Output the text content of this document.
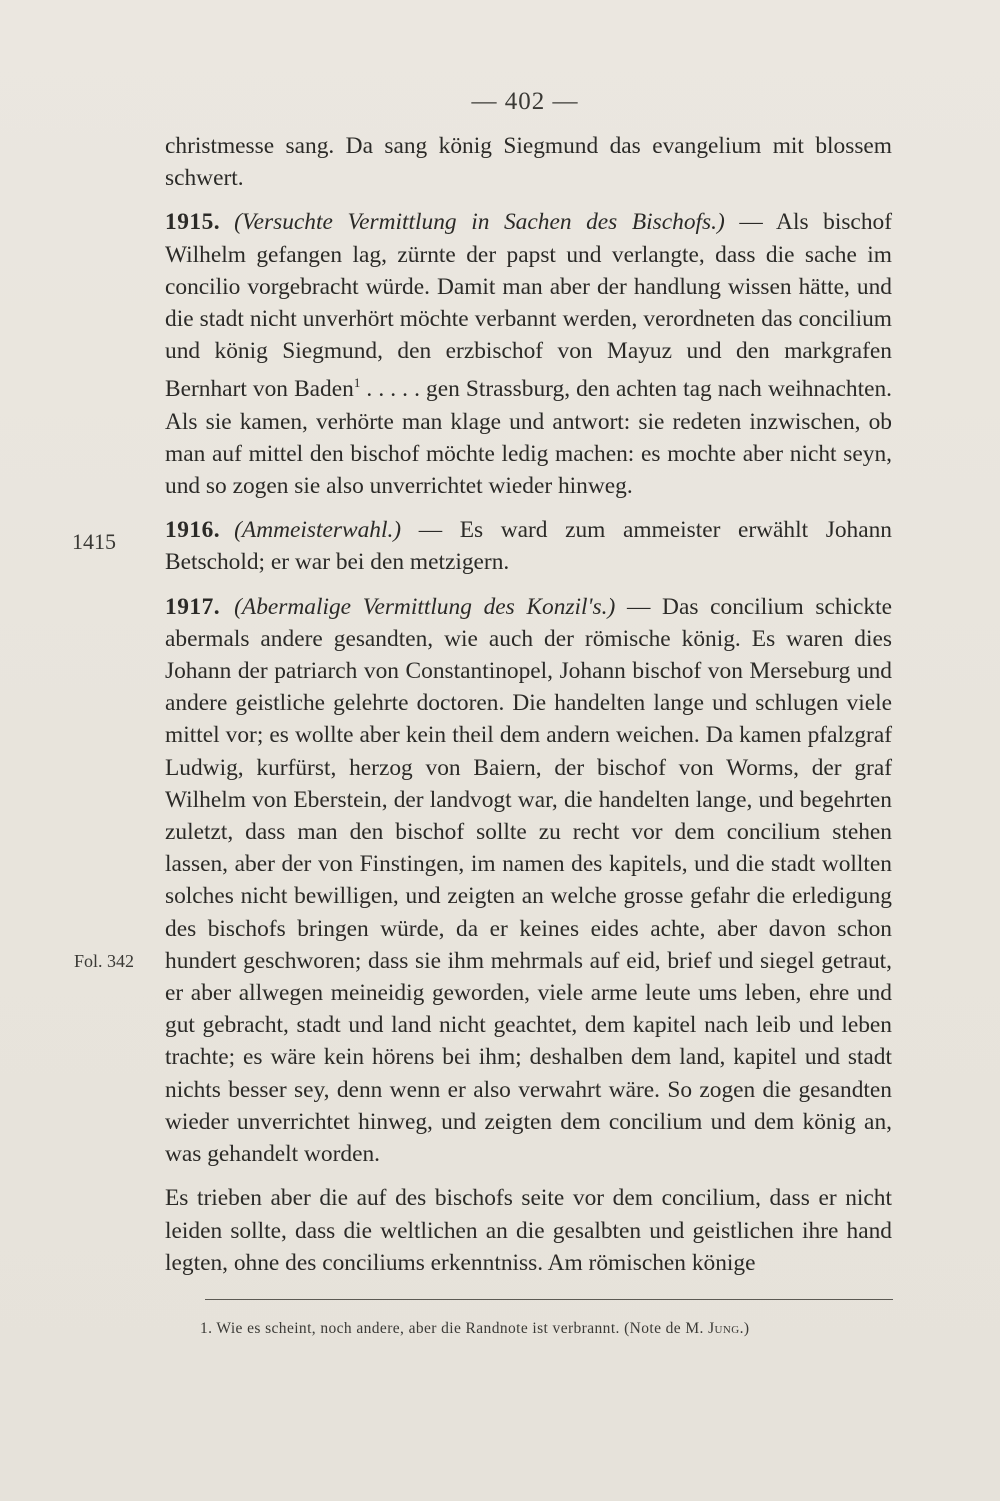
— 402 —
1415
Fol. 342

christmesse sang. Da sang könig Siegmund das evangelium mit blossem schwert.

1915. (Versuchte Vermittlung in Sachen des Bischofs.) — Als bischof Wilhelm gefangen lag, zürnte der papst und verlangte, dass die sache im concilio vorgebracht würde. Damit man aber der handlung wissen hätte, und die stadt nicht unverhört möchte verbannt werden, verordneten das concilium und könig Siegmund, den erzbischof von Mayuz und den markgrafen Bernhart von Baden$^1$ . . . . . gen Strassburg, den achten tag nach weihnachten. Als sie kamen, verhörte man klage und antwort: sie redeten inzwischen, ob man auf mittel den bischof möchte ledig machen: es mochte aber nicht seyn, und so zogen sie also unverrichtet wieder hinweg.

1916. (Ammeisterwahl.) — Es ward zum ammeister erwählt Johann Betschold; er war bei den metzigern.

1917. (Abermalige Vermittlung des Konzil's.) — Das concilium schickte abermals andere gesandten, wie auch der römische könig. Es waren dies Johann der patriarch von Constantinopel, Johann bischof von Merseburg und andere geistliche gelehrte doctoren. Die handelten lange und schlugen viele mittel vor; es wollte aber kein theil dem andern weichen. Da kamen pfalzgraf Ludwig, kurfürst, herzog von Baiern, der bischof von Worms, der graf Wilhelm von Eberstein, der landvogt war, die handelten lange, und begehrten zuletzt, dass man den bischof sollte zu recht vor dem concilium stehen lassen, aber der von Finstingen, im namen des kapitels, und die stadt wollten solches nicht bewilligen, und zeigten an welche grosse gefahr die erledigung des bischofs bringen würde, da er keines eides achte, aber davon schon hundert geschworen; dass sie ihm mehrmals auf eid, brief und siegel getraut, er aber allwegen meineidig geworden, viele arme leute ums leben, ehre und gut gebracht, stadt und land nicht geachtet, dem kapitel nach leib und leben trachte; es wäre kein hörens bei ihm; deshalben dem land, kapitel und stadt nichts besser sey, denn wenn er also verwahrt wäre. So zogen die gesandten wieder unverrichtet hinweg, und zeigten dem concilium und dem könig an, was gehandelt worden.

Es trieben aber die auf des bischofs seite vor dem concilium, dass er nicht leiden sollte, dass die weltlichen an die gesalbten und geistlichen ihre hand legten, ohne des conciliums erkenntniss. Am römischen könige

1. Wie es scheint, noch andere, aber die Randnote ist verbrannt. (Note de M. Jung.)
